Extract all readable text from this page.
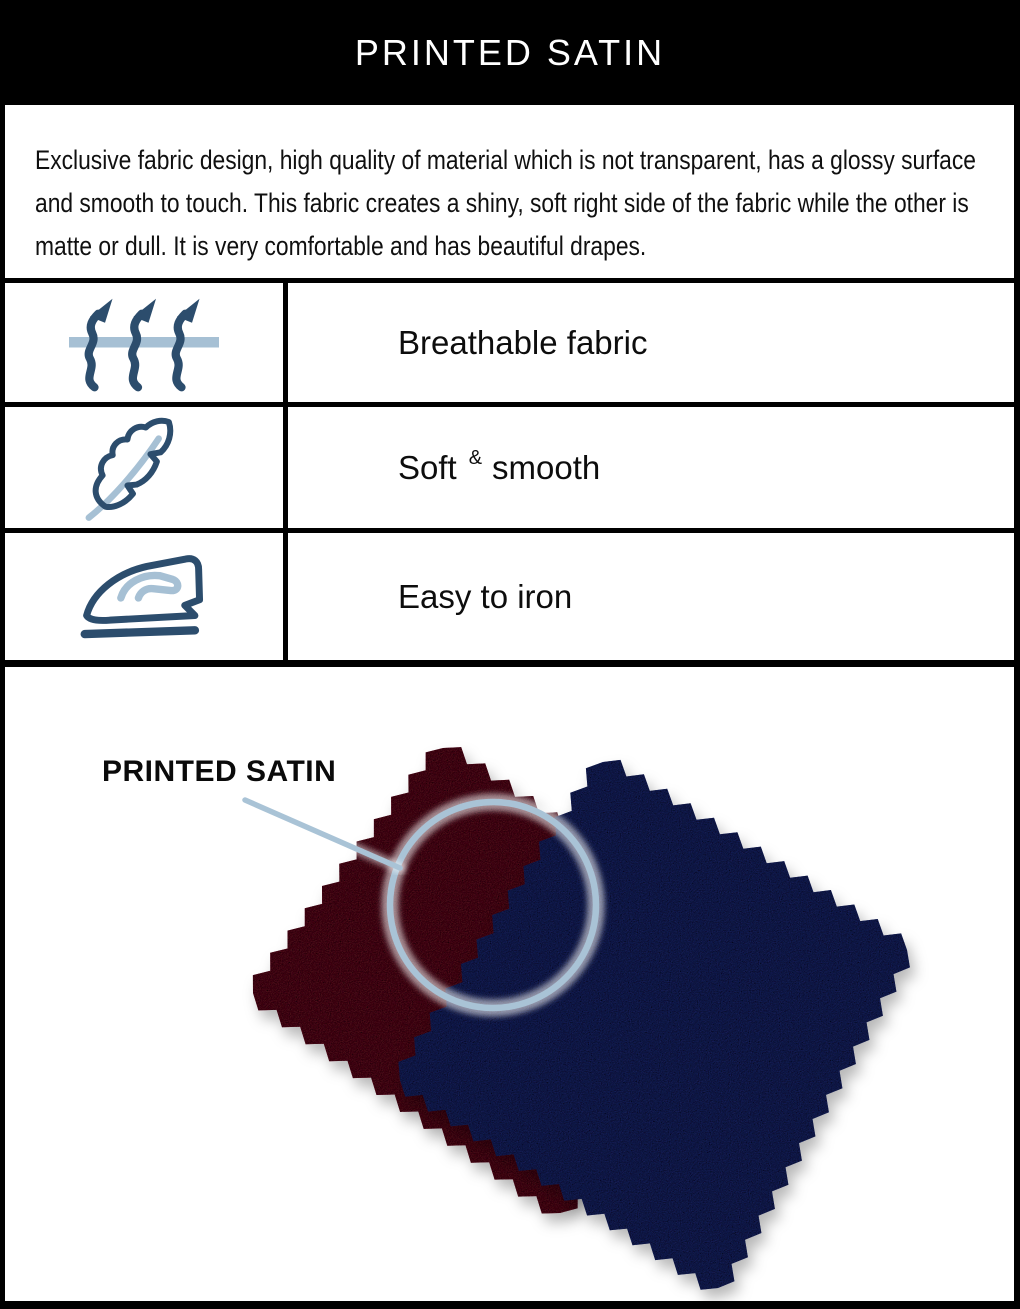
PRINTED SATIN
Exclusive fabric design, high quality of material which is not transparent, has a glossy surface and smooth to touch. This fabric creates a shiny, soft right side of the fabric while the other is matte or dull. It is very comfortable and has beautiful drapes.
Breathable fabric
Soft & smooth
Easy to iron
PRINTED SATIN
